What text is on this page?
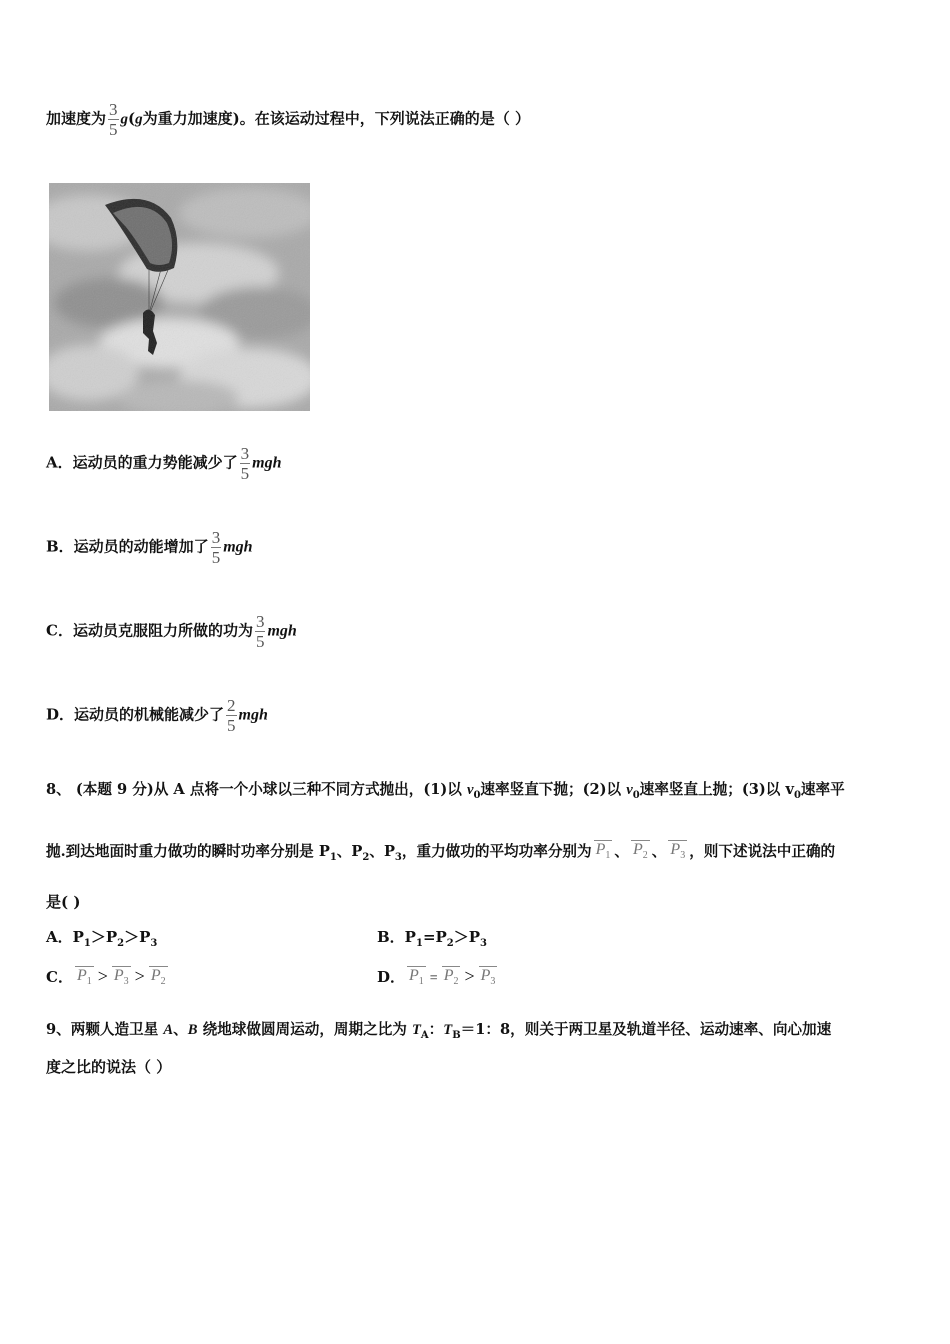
加速度为 $\frac{3}{5} g(g$为重力加速度)。在该运动过程中，下列说法正确的是（ ）
A．运动员的重力势能减少了 $\frac{3}{5}$ mgh
B．运动员的动能增加了 $\frac{3}{5}$ mgh
C．运动员克服阻力所做的功为 $\frac{3}{5}$ mgh
D．运动员的机械能减少了 $\frac{2}{5}$ mgh
8、 (本题 9 分)从 A 点将一个小球以三种不同方式抛出，(1)以 $v_0$速率竖直下抛；(2)以 $v_0$速率竖直上抛；(3)以 $v_0$速率平
抛.到达地面时重力做功的瞬时功率分别是 $P_1$、$P_2$、$P_3$，重力做功的平均功率分别为 $P_1$ 、 $P_2$ 、 $P_3$ ，则下述说法中正确的
是( )
A．$P_1>P_2>P_3$	B．$P_1=P_2>P_3$
C． $P_1 > P_3 > P_2$	D． $P_1 = P_2 > P_3$
9、两颗人造卫星 A、B 绕地球做圆周运动，周期之比为 $T_A$：$T_B=1$：8，则关于两卫星及轨道半径、运动速率、向心加速
度之比的说法（ ）
